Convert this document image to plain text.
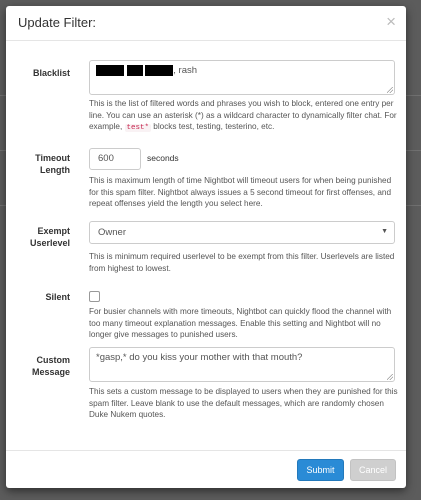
Update Filter:	×
Blacklist	, rash
This is the list of filtered words and phrases you wish to block, entered one entry per line. You can use an asterisk (*) as a wildcard character to dynamically filter chat. For example, test* blocks test, testing, testerino, etc.
Timeout
Length
600	seconds
This is maximum length of time Nightbot will timeout users for when being punished for this spam filter. Nightbot always issues a 5 second timeout for first offenses, and repeat offenses yield the length you select here.
Exempt
Userlevel
Owner	▼
This is minimum required userlevel to be exempt from this filter. Userlevels are listed from highest to lowest.
Silent
For busier channels with more timeouts, Nightbot can quickly flood the channel with too many timeout explanation messages. Enable this setting and Nightbot will no longer give messages to punished users.
Custom
Message
*gasp,* do you kiss your mother with that mouth?
This sets a custom message to be displayed to users when they are punished for this spam filter. Leave blank to use the default messages, which are randomly chosen Duke Nukem quotes.
Submit	Cancel
